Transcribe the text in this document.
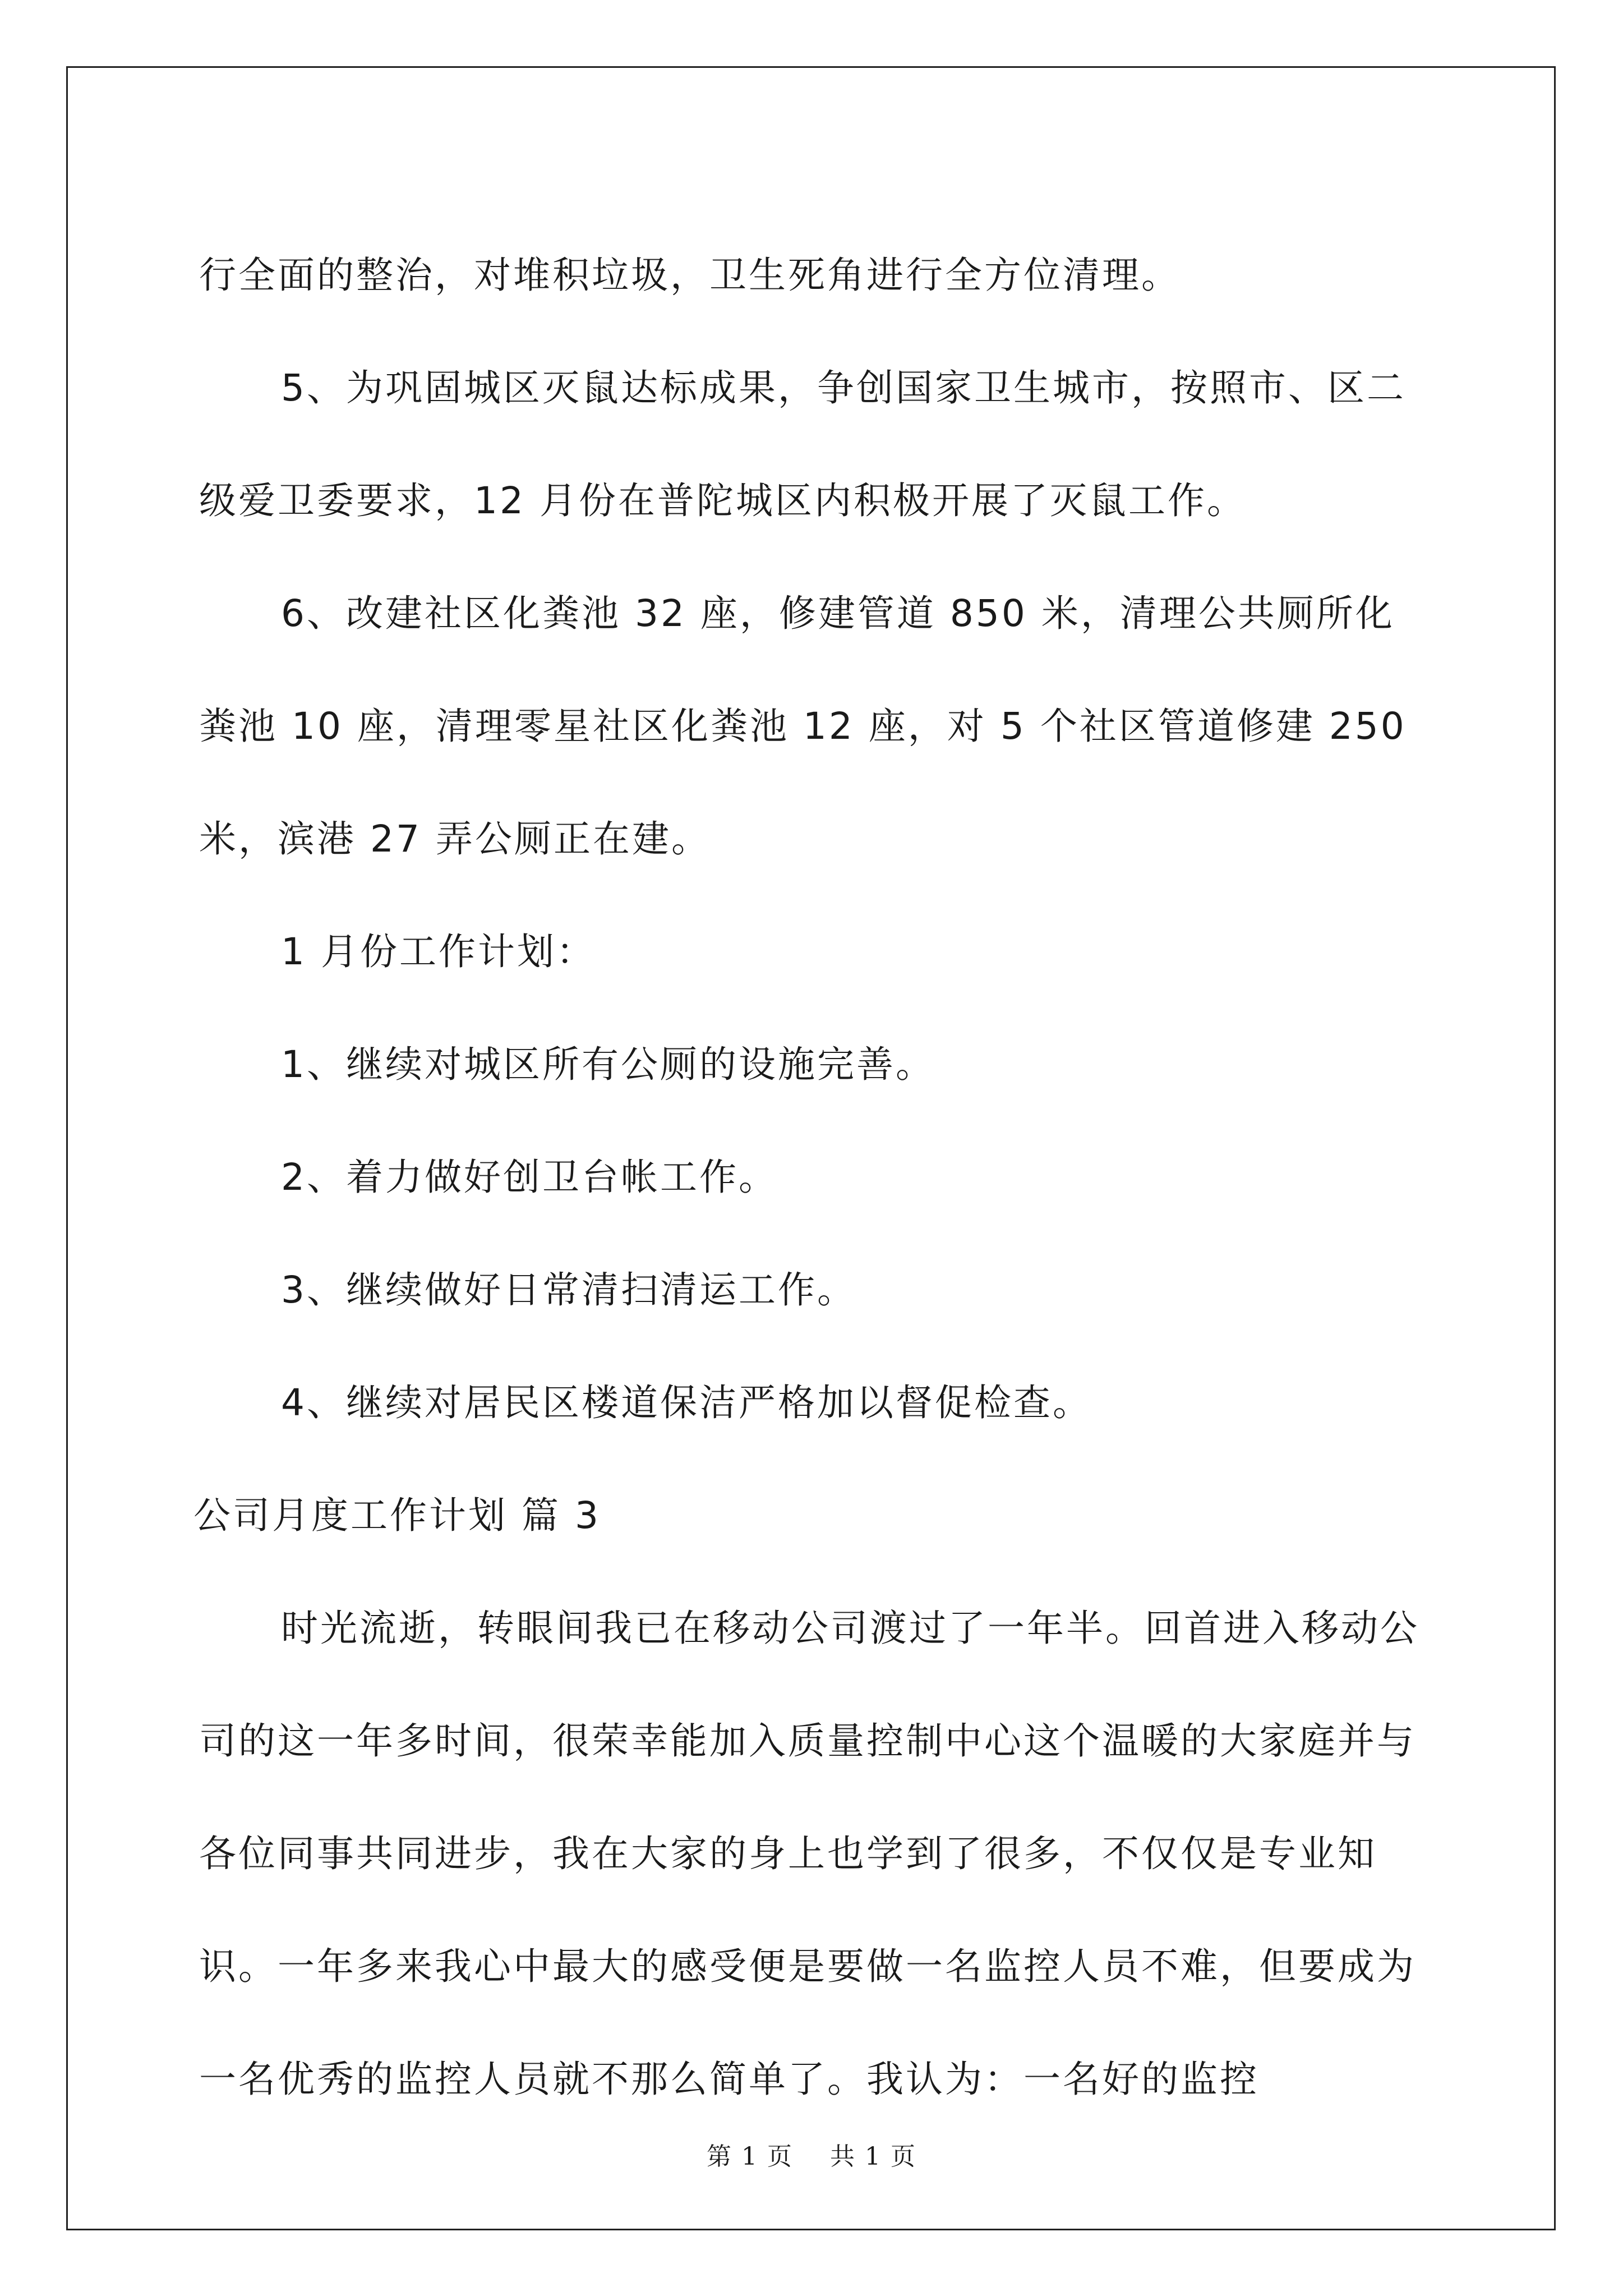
行全面的整治，对堆积垃圾，卫生死角进行全方位清理。

5、为巩固城区灭鼠达标成果，争创国家卫生城市，按照市、区二级爱卫委要求，12 月份在普陀城区内积极开展了灭鼠工作。

6、改建社区化粪池 32 座，修建管道 850 米，清理公共厕所化粪池 10 座，清理零星社区化粪池 12 座，对 5 个社区管道修建 250 米，滨港 27 弄公厕正在建。

1 月份工作计划：

1、继续对城区所有公厕的设施完善。

2、着力做好创卫台帐工作。

3、继续做好日常清扫清运工作。

4、继续对居民区楼道保洁严格加以督促检查。

公司月度工作计划 篇 3

时光流逝，转眼间我已在移动公司渡过了一年半。回首进入移动公司的这一年多时间，很荣幸能加入质量控制中心这个温暖的大家庭并与各位同事共同进步，我在大家的身上也学到了很多，不仅仅是专业知识。一年多来我心中最大的感受便是要做一名监控人员不难，但要成为一名优秀的监控人员就不那么简单了。我认为：一名好的监控

第 1 页 共 1 页
